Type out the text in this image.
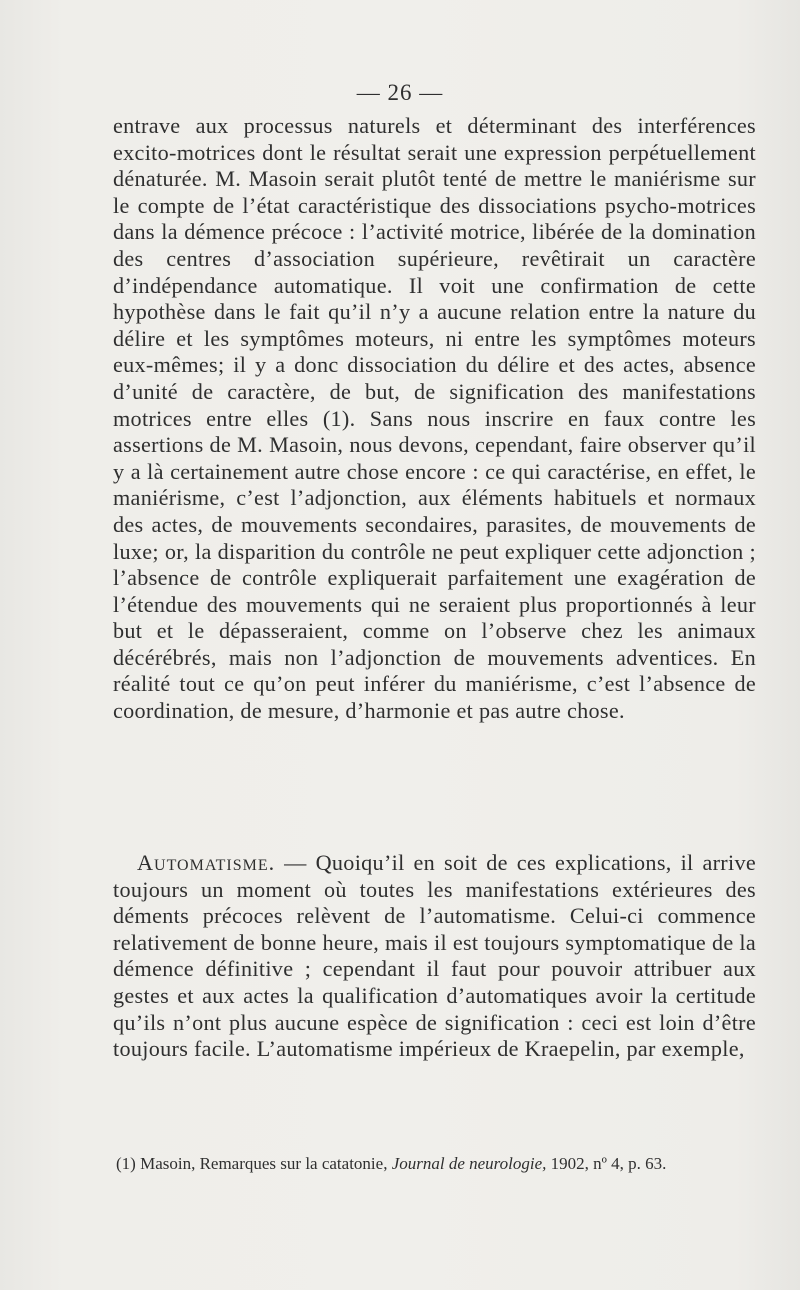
— 26 —
entrave aux processus naturels et déterminant des interférences excito-motrices dont le résultat serait une expression perpétuellement dénaturée. M. Masoin serait plutôt tenté de mettre le maniérisme sur le compte de l’état caractéristique des dissociations psycho-motrices dans la démence précoce : l’activité motrice, libérée de la domination des centres d’association supérieure, revêtirait un caractère d’indépendance automatique. Il voit une confirmation de cette hypothèse dans le fait qu’il n’y a aucune relation entre la nature du délire et les symptômes moteurs, ni entre les symptômes moteurs eux-mêmes; il y a donc dissociation du délire et des actes, absence d’unité de caractère, de but, de signification des manifestations motrices entre elles (1). Sans nous inscrire en faux contre les assertions de M. Masoin, nous devons, cependant, faire observer qu’il y a là certainement autre chose encore : ce qui caractérise, en effet, le maniérisme, c’est l’adjonction, aux éléments habituels et normaux des actes, de mouvements secondaires, parasites, de mouvements de luxe; or, la disparition du contrôle ne peut expliquer cette adjonction ; l’absence de contrôle expliquerait parfaitement une exagération de l’étendue des mouvements qui ne seraient plus proportionnés à leur but et le dépasseraient, comme on l’observe chez les animaux décérébrés, mais non l’adjonction de mouvements adventices. En réalité tout ce qu’on peut inférer du maniérisme, c’est l’absence de coordination, de mesure, d’harmonie et pas autre chose.
Automatisme. — Quoiqu’il en soit de ces explications, il arrive toujours un moment où toutes les manifestations extérieures des déments précoces relèvent de l’automatisme. Celui-ci commence relativement de bonne heure, mais il est toujours symptomatique de la démence définitive ; cependant il faut pour pouvoir attribuer aux gestes et aux actes la qualification d’automatiques avoir la certitude qu’ils n’ont plus aucune espèce de signification : ceci est loin d’être toujours facile. L’automatisme impérieux de Kraepelin, par exemple,
(1) Masoin, Remarques sur la catatonie, Journal de neurologie, 1902, nº 4, p. 63.
